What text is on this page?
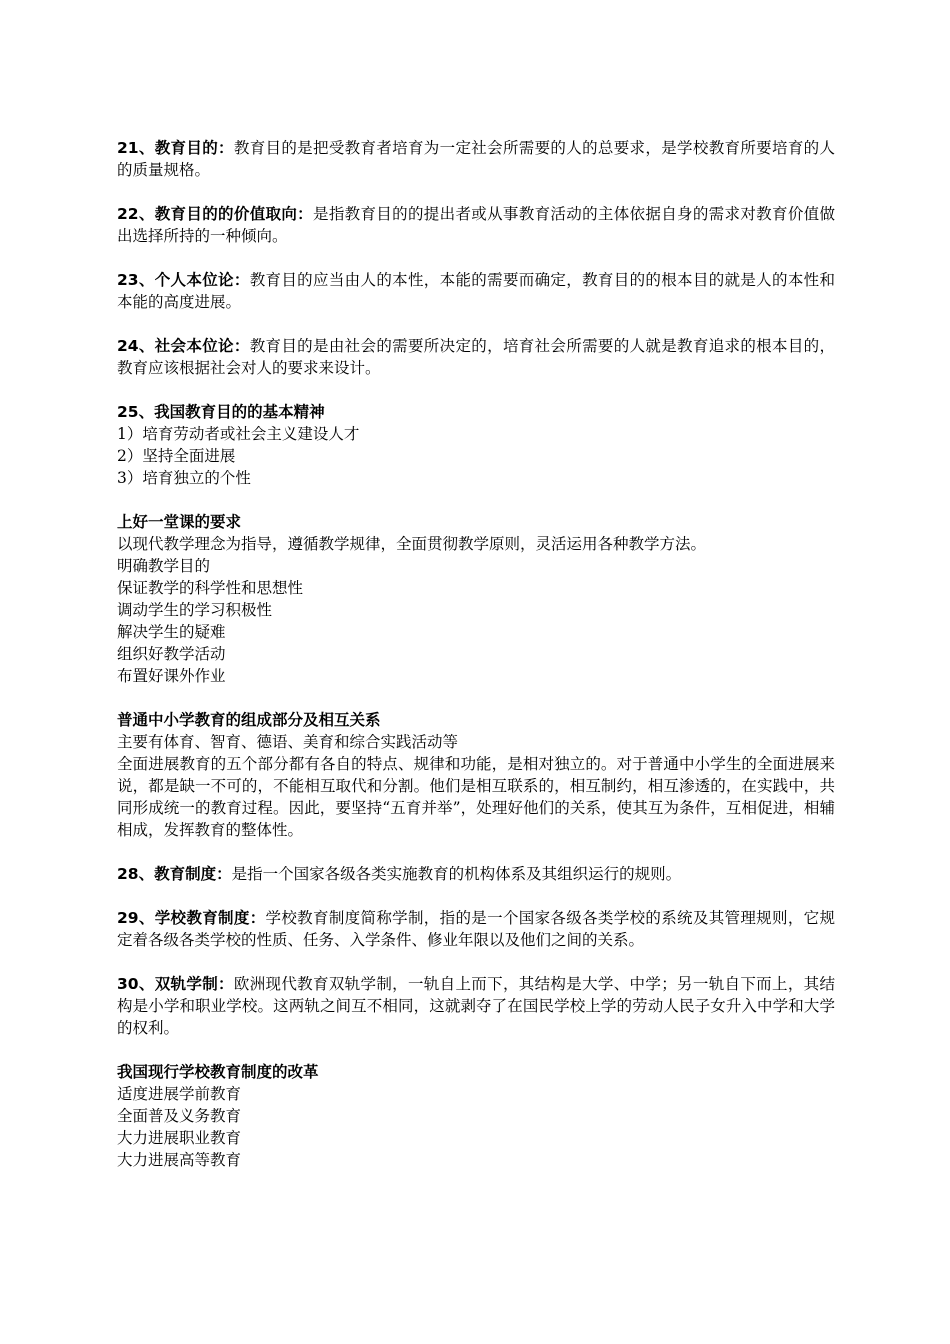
21、教育目的：教育目的是把受教育者培育为一定社会所需要的人的总要求，是学校教育所要培育的人的质量规格。

22、教育目的的价值取向：是指教育目的的提出者或从事教育活动的主体依据自身的需求对教育价值做出选择所持的一种倾向。

23、个人本位论：教育目的应当由人的本性，本能的需要而确定，教育目的的根本目的就是人的本性和本能的高度进展。

24、社会本位论：教育目的是由社会的需要所决定的，培育社会所需要的人就是教育追求的根本目的，教育应该根据社会对人的要求来设计。

25、我国教育目的的基本精神

1）培育劳动者或社会主义建设人才

2）坚持全面进展

3）培育独立的个性

上好一堂课的要求

以现代教学理念为指导，遵循教学规律，全面贯彻教学原则，灵活运用各种教学方法。

明确教学目的

保证教学的科学性和思想性

调动学生的学习积极性

解决学生的疑难

组织好教学活动

布置好课外作业

普通中小学教育的组成部分及相互关系

主要有体育、智育、德语、美育和综合实践活动等

全面进展教育的五个部分都有各自的特点、规律和功能，是相对独立的。对于普通中小学生的全面进展来说，都是缺一不可的，不能相互取代和分割。他们是相互联系的，相互制约，相互渗透的，在实践中，共同形成统一的教育过程。因此，要坚持“五育并举”，处理好他们的关系，使其互为条件，互相促进，相辅相成，发挥教育的整体性。

28、教育制度：是指一个国家各级各类实施教育的机构体系及其组织运行的规则。

29、学校教育制度：学校教育制度简称学制，指的是一个国家各级各类学校的系统及其管理规则，它规定着各级各类学校的性质、任务、入学条件、修业年限以及他们之间的关系。

30、双轨学制：欧洲现代教育双轨学制，一轨自上而下，其结构是大学、中学；另一轨自下而上，其结构是小学和职业学校。这两轨之间互不相同，这就剥夺了在国民学校上学的劳动人民子女升入中学和大学的权利。

我国现行学校教育制度的改革

适度进展学前教育

全面普及义务教育

大力进展职业教育

大力进展高等教育
